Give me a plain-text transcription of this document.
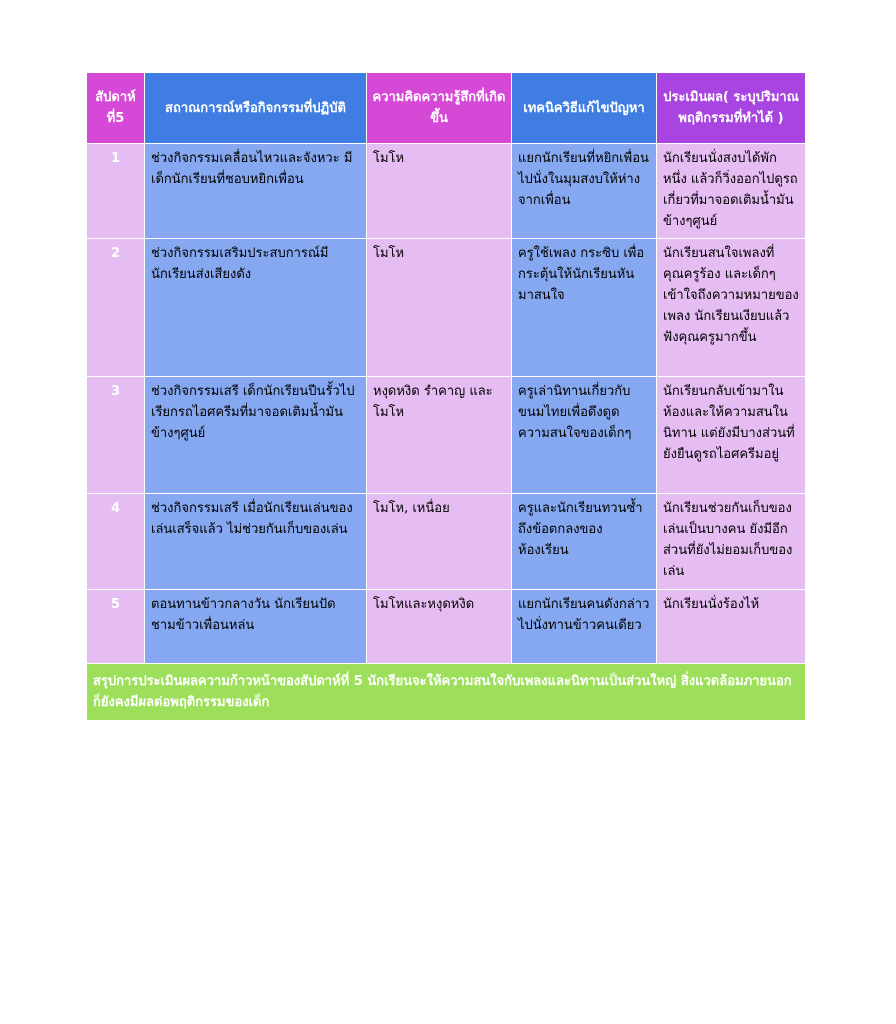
สัปดาห์ที่5	สถาณการณ์หรือกิจกรรมที่ปฏิบัติ	ความคิดความรู้สึกที่เกิดขึ้น	เทคนิควิธีแก้ไขปัญหา	ประเมินผล( ระบุปริมาณพฤติกรรมที่ทำได้ )
1	ช่วงกิจกรรมเคลื่อนไหวและจังหวะ มีเด็กนักเรียนที่ชอบหยิกเพื่อน	โมโห	แยกนักเรียนที่หยิกเพื่อนไปนั่งในมุมสงบให้ห่างจากเพื่อน	นักเรียนนั่งสงบได้พักหนึ่ง แล้วก็วิ่งออกไปดูรถเกี่ยวที่มาจอดเติมน้ำมันข้างๆศูนย์
2	ช่วงกิจกรรมเสริมประสบการณ์มีนักเรียนส่งเสียงดัง	โมโห	ครูใช้เพลง กระซิบ เพื่อกระตุ้นให้นักเรียนหันมาสนใจ	นักเรียนสนใจเพลงที่คุณครูร้อง และเด็กๆเข้าใจถึงความหมายของเพลง นักเรียนเงียบแล้วฟังคุณครูมากขึ้น
3	ช่วงกิจกรรมเสรี เด็กนักเรียนปีนรั้วไปเรียกรถไอศครีมที่มาจอดเติมน้ำมันข้างๆศูนย์	หงุดหงิด รำคาญ และโมโห	ครูเล่านิทานเกี่ยวกับขนมไทยเพื่อดึงดูดความสนใจของเด็กๆ	นักเรียนกลับเข้ามาในห้องและให้ความสนในนิทาน แต่ยังมีบางส่วนที่ยังยืนดูรถไอศครีมอยู่
4	ช่วงกิจกรรมเสรี เมื่อนักเรียนเล่นของเล่นเสร็จแล้ว ไม่ช่วยกันเก็บของเล่น	โมโห, เหนื่อย	ครูและนักเรียนทวนซ้ำถึงข้อตกลงของห้องเรียน	นักเรียนช่วยกันเก็บของเล่นเป็นบางคน ยังมีอีกส่วนที่ยังไม่ยอมเก็บของเล่น
5	ตอนทานข้าวกลางวัน นักเรียนปัดชามข้าวเพื่อนหล่น	โมโหและหงุดหงิด	แยกนักเรียนคนดังกล่าวไปนั่งทานข้าวคนเดียว	นักเรียนนั่งร้องไห้
สรุปการประเมินผลความก้าวหน้าของสัปดาห์ที่ 5 นักเรียนจะให้ความสนใจกับเพลงและนิทานเป็นส่วนใหญ่ สิ่งแวดล้อมภายนอกก็ยังคงมีผลต่อพฤติกรรมของเด็ก				
